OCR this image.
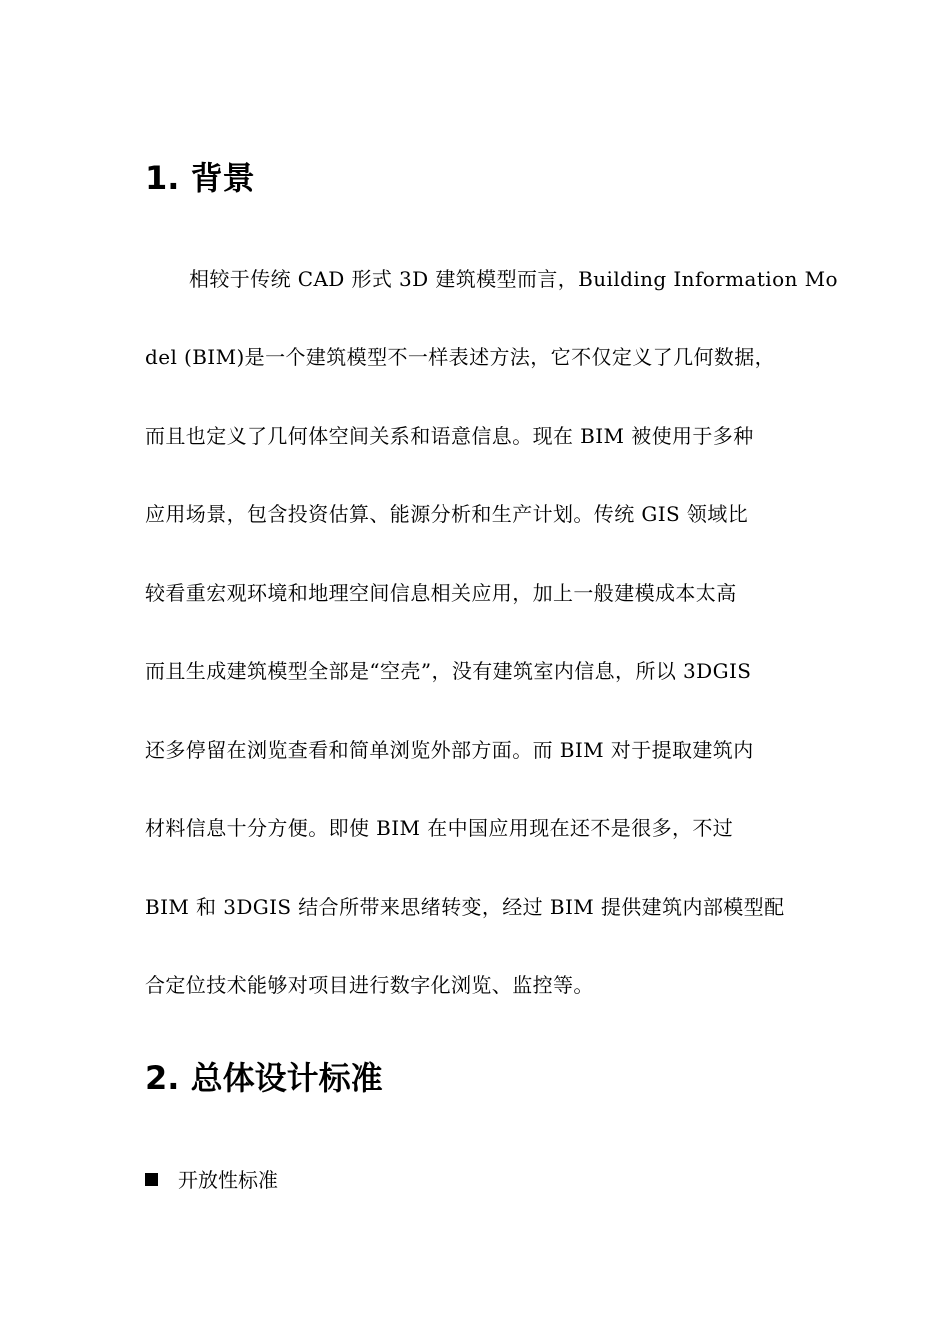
1. 背景
相较于传统 CAD 形式 3D 建筑模型而言，Building Information Mo
del (BIM)是一个建筑模型不一样表述方法，它不仅定义了几何数据，
而且也定义了几何体空间关系和语意信息。现在 BIM 被使用于多种
应用场景，包含投资估算、能源分析和生产计划。传统 GIS 领域比
较看重宏观环境和地理空间信息相关应用，加上一般建模成本太高
而且生成建筑模型全部是“空壳”，没有建筑室内信息，所以 3DGIS
还多停留在浏览查看和简单浏览外部方面。而 BIM 对于提取建筑内
材料信息十分方便。即使 BIM 在中国应用现在还不是很多，不过
BIM 和 3DGIS 结合所带来思绪转变，经过 BIM 提供建筑内部模型配
合定位技术能够对项目进行数字化浏览、监控等。
2. 总体设计标准
开放性标准
